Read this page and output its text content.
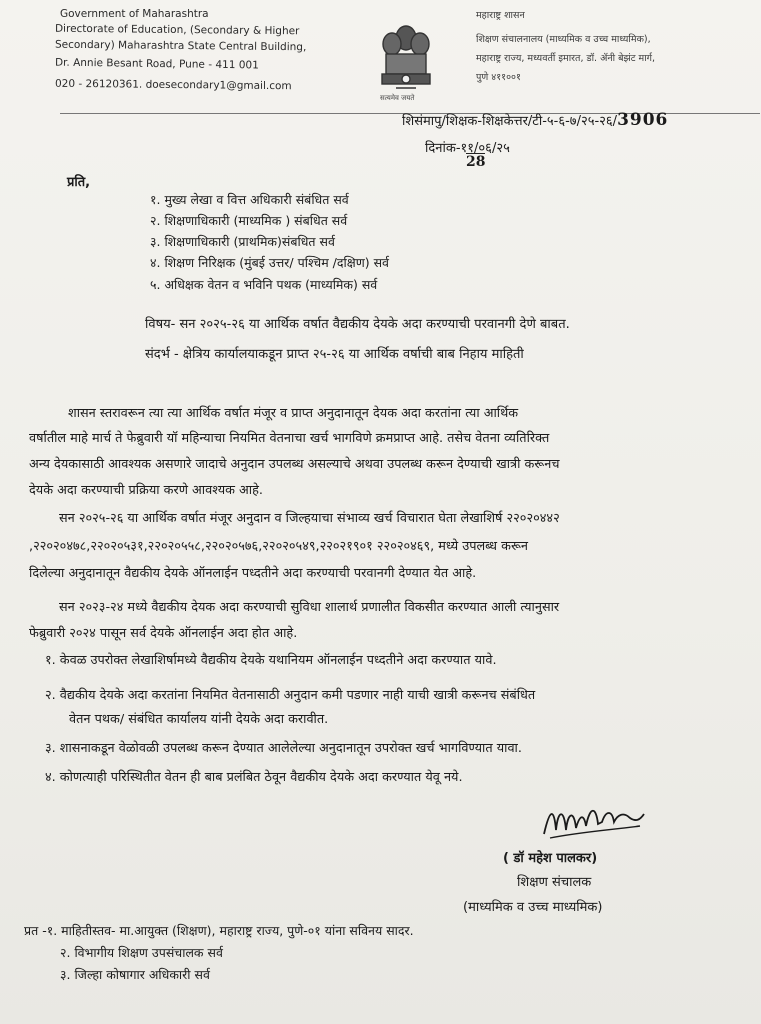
Government of Maharashtra
Directorate of Education, (Secondary & Higher
Secondary) Maharashtra State Central Building,
Dr. Annie Besant Road, Pune - 411 001
020 - 26120361. doesecondary1@gmail.com
सत्यमेव जयते
महाराष्ट्र शासन
शिक्षण संचालनालय (माध्यमिक व उच्च माध्यमिक),
महाराष्ट्र राज्य, मध्यवर्ती इमारत, डॉ. ॲनी बेझंट मार्ग,
पुणे ४११००१
शिसंमापु/शिक्षक-शिक्षकेत्तर/टी-५-६-७/२५-२६/3906
दिनांक-११/०६/२५
28
प्रति,
१. मुख्य लेखा व वित्त अधिकारी संबंधित सर्व
२. शिक्षणाधिकारी (माध्यमिक ) संबधित सर्व
३. शिक्षणाधिकारी (प्राथमिक)संबधित सर्व
४. शिक्षण निरिक्षक (मुंबई उत्तर/ पश्चिम /दक्षिण) सर्व
५. अधिक्षक वेतन व भविनि पथक (माध्यमिक) सर्व
विषय- सन २०२५-२६ या आर्थिक वर्षात वैद्यकीय देयके अदा करण्याची परवानगी देणे बाबत.
संदर्भ - क्षेत्रिय कार्यालयाकडून प्राप्त २५-२६ या आर्थिक वर्षाची बाब निहाय माहिती
शासन स्तरावरून त्या त्या आर्थिक वर्षात मंजूर व प्राप्त अनुदानातून देयक अदा करतांना त्या आर्थिक
वर्षातील माहे मार्च ते फेब्रुवारी यॉ महिन्याचा नियमित वेतनाचा खर्च भागविणे क्रमप्राप्त आहे. तसेच वेतना व्यतिरिक्त
अन्य देयकासाठी आवश्यक असणारे जादाचे अनुदान उपलब्ध असल्याचे अथवा उपलब्ध करून देण्याची खात्री करूनच
देयके अदा करण्याची प्रक्रिया करणे आवश्यक आहे.
सन २०२५-२६ या आर्थिक वर्षात मंजूर अनुदान व जिल्हयाचा संभाव्य खर्च विचारात घेता लेखाशिर्ष २२०२०४४२
,२२०२०४७८,२२०२०५३१,२२०२०५५८,२२०२०५७६,२२०२०५४९,२२०२१९०१ २२०२०४६९, मध्ये उपलब्ध करून
दिलेल्या अनुदानातून वैद्यकीय देयके ऑनलाईन पध्दतीने अदा करण्याची परवानगी देण्यात येत आहे.
सन २०२३-२४ मध्ये वैद्यकीय देयक अदा करण्याची सुविधा शालार्थ प्रणालीत विकसीत करण्यात आली त्यानुसार
फेब्रुवारी २०२४ पासून सर्व देयके ऑनलाईन अदा होत आहे.
१. केवळ उपरोक्त लेखाशिर्षामध्ये वैद्यकीय देयके यथानियम ऑनलाईन पध्दतीने अदा करण्यात यावे.
२. वैद्यकीय देयके अदा करतांना नियमित वेतनासाठी अनुदान कमी पडणार नाही याची खात्री करूनच संबंधित
वेतन पथक/ संबंधित कार्यालय यांनी देयके अदा करावीत.
३. शासनाकडून वेळोवळी उपलब्ध करून देण्यात आलेलेल्या अनुदानातून उपरोक्त खर्च भागविण्यात यावा.
४. कोणत्याही परिस्थितीत वेतन ही बाब प्रलंबित ठेवून वैद्यकीय देयके अदा करण्यात येवू नये.
( डॉ महेश पालकर)
शिक्षण संचालक
(माध्यमिक व उच्च माध्यमिक)
प्रत -१. माहितीस्तव- मा.आयुक्त (शिक्षण), महाराष्ट्र राज्य, पुणे-०१ यांना सविनय सादर.
२. विभागीय शिक्षण उपसंचालक सर्व
३. जिल्हा कोषागार अधिकारी सर्व
